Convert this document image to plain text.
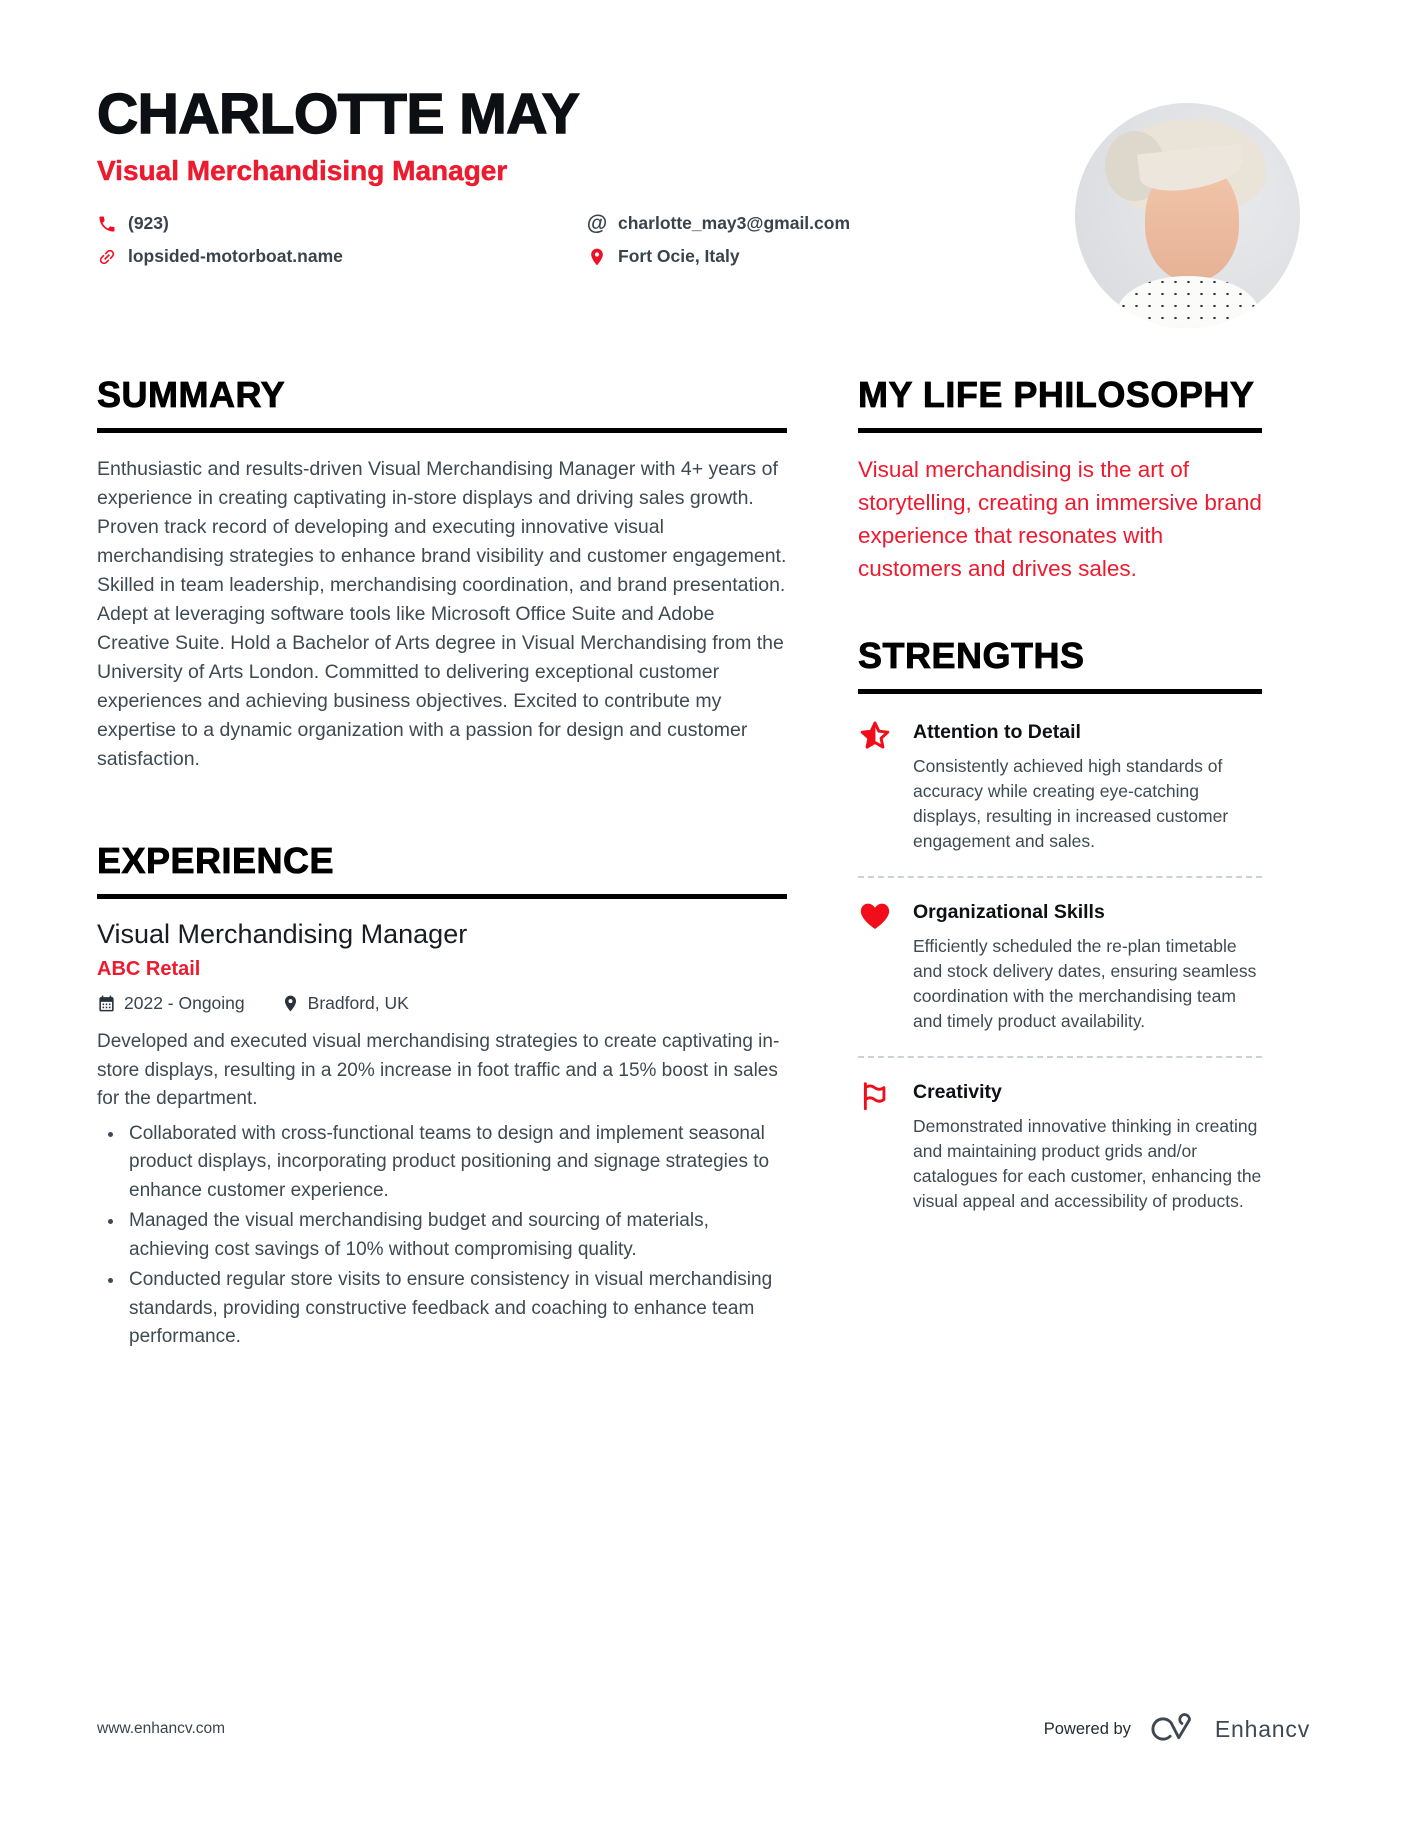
CHARLOTTE MAY
Visual Merchandising Manager
(923)	@ charlotte_may3@gmail.com
lopsided-motorboat.name	Fort Ocie, Italy
SUMMARY
Enthusiastic and results-driven Visual Merchandising Manager with 4+ years of experience in creating captivating in-store displays and driving sales growth. Proven track record of developing and executing innovative visual merchandising strategies to enhance brand visibility and customer engagement. Skilled in team leadership, merchandising coordination, and brand presentation. Adept at leveraging software tools like Microsoft Office Suite and Adobe Creative Suite. Hold a Bachelor of Arts degree in Visual Merchandising from the University of Arts London. Committed to delivering exceptional customer experiences and achieving business objectives. Excited to contribute my expertise to a dynamic organization with a passion for design and customer satisfaction.
EXPERIENCE
Visual Merchandising Manager
ABC Retail
2022 - Ongoing	Bradford, UK
Developed and executed visual merchandising strategies to create captivating in-store displays, resulting in a 20% increase in foot traffic and a 15% boost in sales for the department.
• Collaborated with cross-functional teams to design and implement seasonal product displays, incorporating product positioning and signage strategies to enhance customer experience.
• Managed the visual merchandising budget and sourcing of materials, achieving cost savings of 10% without compromising quality.
• Conducted regular store visits to ensure consistency in visual merchandising standards, providing constructive feedback and coaching to enhance team performance.
MY LIFE PHILOSOPHY
Visual merchandising is the art of storytelling, creating an immersive brand experience that resonates with customers and drives sales.
STRENGTHS
Attention to Detail
Consistently achieved high standards of accuracy while creating eye-catching displays, resulting in increased customer engagement and sales.
Organizational Skills
Efficiently scheduled the re-plan timetable and stock delivery dates, ensuring seamless coordination with the merchandising team and timely product availability.
Creativity
Demonstrated innovative thinking in creating and maintaining product grids and/or catalogues for each customer, enhancing the visual appeal and accessibility of products.
www.enhancv.com	Powered by	Enhancv
